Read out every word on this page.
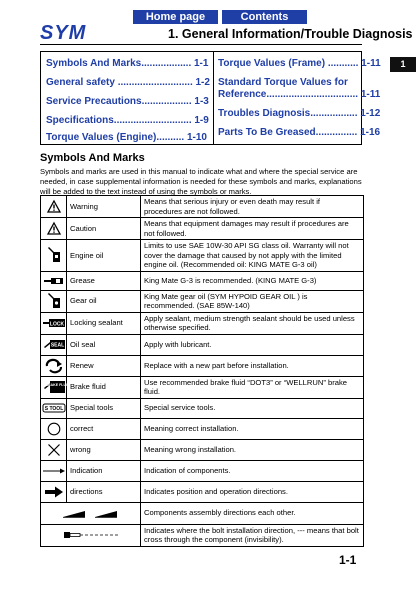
SYM
Home page	Contents
1. General Information/Trouble Diagnosis
1
Symbols And Marks.................. 1-1
General safety ........................... 1-2
Service Precautions.................. 1-3
Specifications............................ 1-9
Torque Values (Engine).......... 1-10
Torque Values (Frame) ........... 1-11
Standard Torque Values for
Reference................................. 1-11
Troubles Diagnosis................. 1-12
Parts To Be Greased............... 1-16
Symbols And Marks
Symbols and marks are used in this manual to indicate what and where the special service are needed, in case supplemental information is needed for these symbols and marks, explanations will be added to the text instead of using the symbols or marks.
	Warning	Means that serious injury or even death may result if procedures are not followed.

	Caution	Means that equipment damages may result if procedures are not followed.

	Engine oil	Limits to use SAE 10W-30 API SG class oil. Warranty will not cover the damage that caused by not apply with the limited engine oil. (Recommended oil: KING MATE G-3 oil)

	Grease	King Mate G-3 is recommended. (KING MATE G-3)

	Gear oil	King Mate gear oil (SYM HYPOID GEAR OIL ) is recommended. (SAE 85W-140)

LOCK	Locking sealant	Apply sealant, medium strength sealant should be used unless otherwise specified.

SEAL	Oil seal	Apply with lubricant.

	Renew	Replace with a new part before installation.

BRAKE FLUID	Brake fluid	Use recommended brake fluid “DOT3” or “WELLRUN” brake fluid.

S TOOL	Special tools	Special service tools.

	correct	Meaning correct installation.

	wrong	Meaning wrong installation.

	Indication	Indication of components.

	directions	Indicates position and operation directions.

	Components assembly directions each other.

	Indicates where the bolt installation direction, --- means that bolt cross through the component (invisibility).
1-1
